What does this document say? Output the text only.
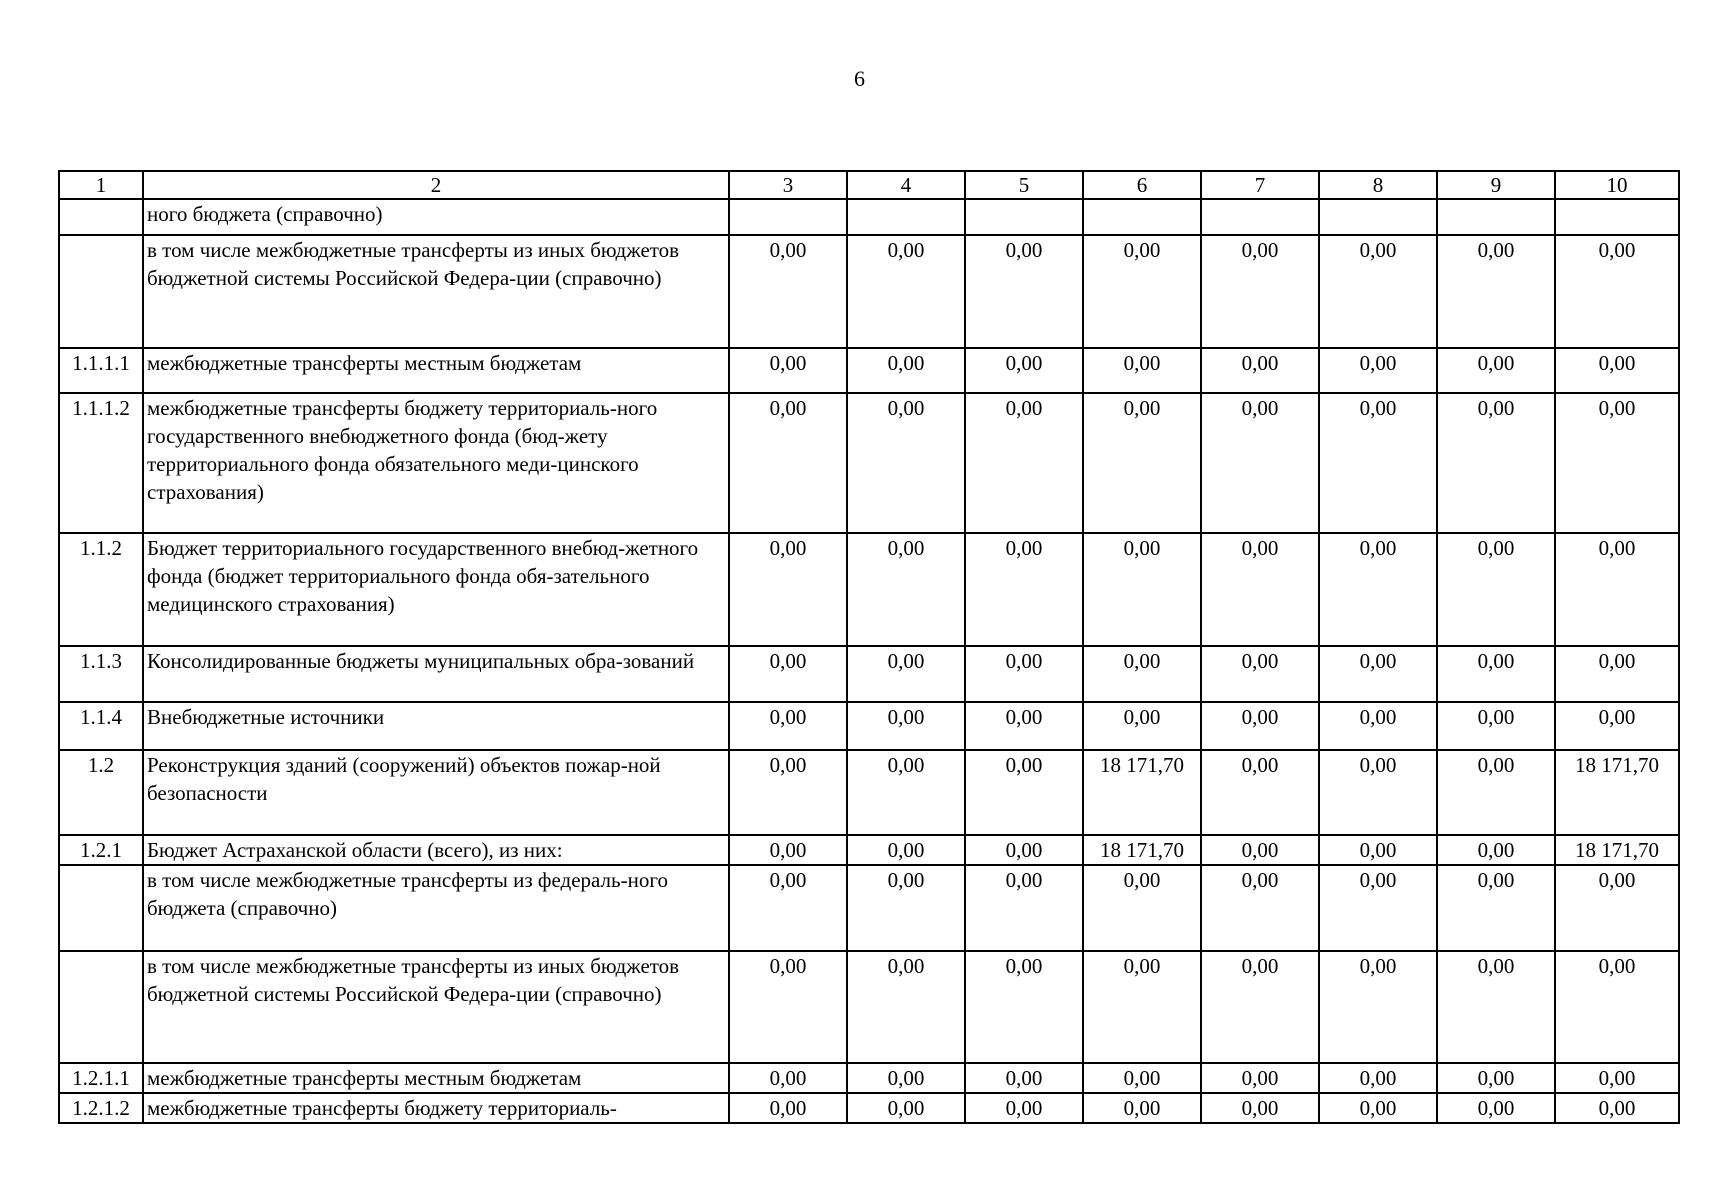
6
1	2	3	4	5	6	7	8	9	10
	ного бюджета (справочно)								
	в том числе межбюджетные трансферты из иных бюджетов бюджетной системы Российской Федера-ции (справочно)	0,00	0,00	0,00	0,00	0,00	0,00	0,00	0,00
1.1.1.1	межбюджетные трансферты местным бюджетам	0,00	0,00	0,00	0,00	0,00	0,00	0,00	0,00
1.1.1.2	межбюджетные трансферты бюджету территориаль-ного государственного внебюджетного фонда (бюд-жету территориального фонда обязательного меди-цинского страхования)	0,00	0,00	0,00	0,00	0,00	0,00	0,00	0,00
1.1.2	Бюджет территориального государственного внебюд-жетного фонда (бюджет территориального фонда обя-зательного медицинского страхования)	0,00	0,00	0,00	0,00	0,00	0,00	0,00	0,00
1.1.3	Консолидированные бюджеты муниципальных обра-зований	0,00	0,00	0,00	0,00	0,00	0,00	0,00	0,00
1.1.4	Внебюджетные источники	0,00	0,00	0,00	0,00	0,00	0,00	0,00	0,00
1.2	Реконструкция зданий (сооружений) объектов пожар-ной безопасности	0,00	0,00	0,00	18 171,70	0,00	0,00	0,00	18 171,70
1.2.1	Бюджет Астраханской области (всего), из них:	0,00	0,00	0,00	18 171,70	0,00	0,00	0,00	18 171,70
	в том числе межбюджетные трансферты из федераль-ного бюджета (справочно)	0,00	0,00	0,00	0,00	0,00	0,00	0,00	0,00
	в том числе межбюджетные трансферты из иных бюджетов бюджетной системы Российской Федера-ции (справочно)	0,00	0,00	0,00	0,00	0,00	0,00	0,00	0,00
1.2.1.1	межбюджетные трансферты местным бюджетам	0,00	0,00	0,00	0,00	0,00	0,00	0,00	0,00
1.2.1.2	межбюджетные трансферты бюджету территориаль-	0,00	0,00	0,00	0,00	0,00	0,00	0,00	0,00
